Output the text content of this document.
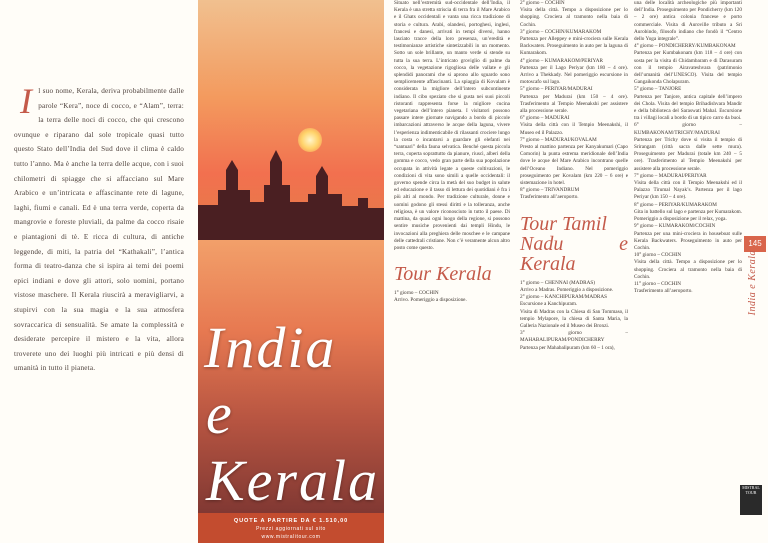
I l suo nome, Kerala, deriva probabilmente dalle parole “Kera”, noce di cocco, e “Alam”, terra: la terra delle noci di cocco, che qui crescono ovunque e riparano dal sole tropicale quasi tutto questo Stato dell’India del Sud dove il clima è caldo tutto l’anno. Ma è anche la terra delle acque, con i suoi chilometri di spiagge che si affacciano sul Mare Arabico e un’intricata e affascinante rete di lagune, laghi, fiumi e canali. Ed è una terra verde, coperta da mangrovie e foreste pluviali, da palme da cocco risaie e piantagioni di tè. E ricca di cultura, di antiche leggende, di miti, la patria del “Kathakali”, l’antica forma di teatro-danza che si ispira ai temi dei poemi epici indiani e dove gli attori, solo uomini, portano vistose maschere. Il Kerala riuscirà a meravigliarvi, a stupirvi con la sua magia e la sua atmosfera sovraccarica di sensualità. Se amate la complessità e desiderate percepire il mistero e la vita, allora troverete uno dei luoghi più intricati e più densi di umanità in tutto il pianeta.	India
e Kerala
QUOTE A PARTIRE DA € 1.510,00
Prezzi aggiornati sul sito
www.mistralitour.com

Situato nell’estremità sud-occidentale dell’India, il Kerala è una stretta striscia di terra fra il Mare Arabico e il Ghats occidentali e vanta una ricca tradizione di storia e cultura. Arabi, olandesi, portoghesi, inglesi, francesi e danesi, arrivati in tempi diversi, hanno lasciato tracce della loro presenza, un’eredità e testimonianze artistiche sintetizzabili in un momento. Sotto un sole brillante, un manto verde si stende su tutta la sua terra. L’intricato groviglio di palme da cocco, la vegetazione rigogliosa delle vallate e gli splendidi panorami che si aprono allo sguardo sono semplicemente affascinanti. La spiaggia di Kovalam è considerata la migliore dell’intero subcontinente indiano. Il cibo speziato che si gusta nei suoi piccoli ristoranti rappresenta forse la migliore cucina vegetariana dell’intero pianeta. I visitatori possono passare intere giornate navigando a bordo di piccole imbarcazioni attraverso le acque della laguna, vivere l’esperienza indimenticabile di rilassanti crociere lungo la costa o incantarsi a guardare gli elefanti nei “santuari” della fauna selvatica. Benché questa piccola terra, coperta soprattutto da pianure, riuscì, alberi della gomma e cocco, vedo gran parte della sua popolazione occupata in attività legate a queste coltivazioni, le condizioni di vita sono simili a quelle occidentali: il governo spende circa la metà del suo budget in salute ed educazione e il tasso di lettura dei quotidiani è fra i più alti al mondo. Per tradizione culturale, donne e uomini godono gli stessi diritti e la tolleranza, anche religiosa, è un valore riconosciuto in tutto il paese. Di mattina, da quasi ogni luogo della regione, si possono sentire musiche provenienti dai templi Hindu, le invocazioni alla preghiera delle moschee e le campane delle cattedrali cristiane. Non c’è veramente alcun altro posto come questo.

Tour Kerala

1° giorno – COCHIN
Arrivo. Pomeriggio a disposizione.

2° giorno – COCHIN
Visita della città. Tempo a disposizione per lo shopping. Crociera al tramonto nella baia di Cochin.
3° giorno – COCHIN/KUMARAKOM
Partenza per Alleppey e mini-crociera sulle Kerala Backwaters. Proseguimento in auto per la laguna di Kumarakom.
4° giorno – KUMARAKOM/PERIYAR
Partenza per il Lago Periyar (km 180 – 4 ore). Arrivo a Thekkady. Nel pomeriggio escursione in motoscafo sul lago.
5° giorno – PERIYAR/MADURAI
Partenza per Madurai (km 150 – 4 ore). Trasferimento al Tempio Meenakshi per assistere alla processione serale.
6° giorno – MADURAI
Visita della città con il Tempio Meenakshi, il Museo ed il Palazzo.
7° giorno – MADURAI/KOVALAM
Presto al mattino partenza per Kanyakumari (Capo Comorin) la punta estrema meridionale dell’India dove le acque del Mare Arabico incontrano quelle dell’Oceano Indiano. Nel pomeriggio proseguimento per Kovalam (km 220 – 6 ore) e sistemazione in hotel.
8° giorno – TRIVANDRUM
Trasferimento all’aeroporto.

Tour Tamil
Nadu e Kerala

1° giorno – CHENNAI (MADRAS)
Arrivo a Madras. Pomeriggio a disposizione.
2° giorno – KANCHIPURAM/MADRAS
Escursione a Kanchipuram.
Visita di Madras con la Chiesa di San Tommaso, il tempio Mylapore, la chiesa di Santa Maria, la Galleria Nazionale ed il Museo dei Bronzi.
3° giorno – MAHABALIPURAM/PONDICHERRY
Partenza per Mahabalipuram (km 60 – 1 ora),

una delle località archeologiche più importanti dell’India. Proseguimento per Pondicherry (km 120 – 2 ore) antica colonia francese e porto commerciale. Visita di Auroville tributo a Sri Aurobindo, filosofo indiano che fondò il “Centro dello Yoga integrale”.
4° giorno – PONDICHERRY/KUMBAKONAM
Partenza per Kumbakonam (km 118 – 4 ore) con sosta per la visita di Chidambaram e di Darasuram con il tempio Airavateshvara (patrimonio dell’umanità dell’UNESCO). Visita del tempio Gangaikonda Cholapuram.
5° giorno – TANJORE
Partenza per Tanjore, antica capitale dell’impero dei Chola. Visita del tempio Brihadishvara Mandir e della biblioteca del Saraswati Mahal. Escursione tra i villagi locali a bordo di un tipico carro da buoi.
6° giorno – KUMBAKONAM/TRICHY/MADURAI
Partenza per Trichy dove si visita il tempio di Srirangam (città sacra dalle sette mura). Proseguimento per Madurai (totale km 240 – 5 ore). Trasferimento al Tempio Meenakshi per assistere alla processione serale.
7° giorno – MADURAI/PERIYAR
Visita della città con il Tempio Meenakshi ed il Palazzo Tirumal Nayak’s. Partenza per il lago Periyar (km 150 – 4 ore).
8° giorno – PERIYAR/KUMARAKOM
Gita in battello sul lago e partenza per Kumarakom. Pomeriggio a disposizione per il relax, yoga.
9° giorno – KUMARAKOM/COCHIN
Partenza per una mini-crociera in houseboat sulle Kerala Backwaters. Proseguimento in auto per Cochin.
10° giorno – COCHIN
Visita della città. Tempo a disposizione per lo shopping. Crociera al tramonto nella baia di Cochin.
11° giorno – COCHIN
Trasferimento all’aeroporto.

145
India e Kerala
MISTRAL TOUR
